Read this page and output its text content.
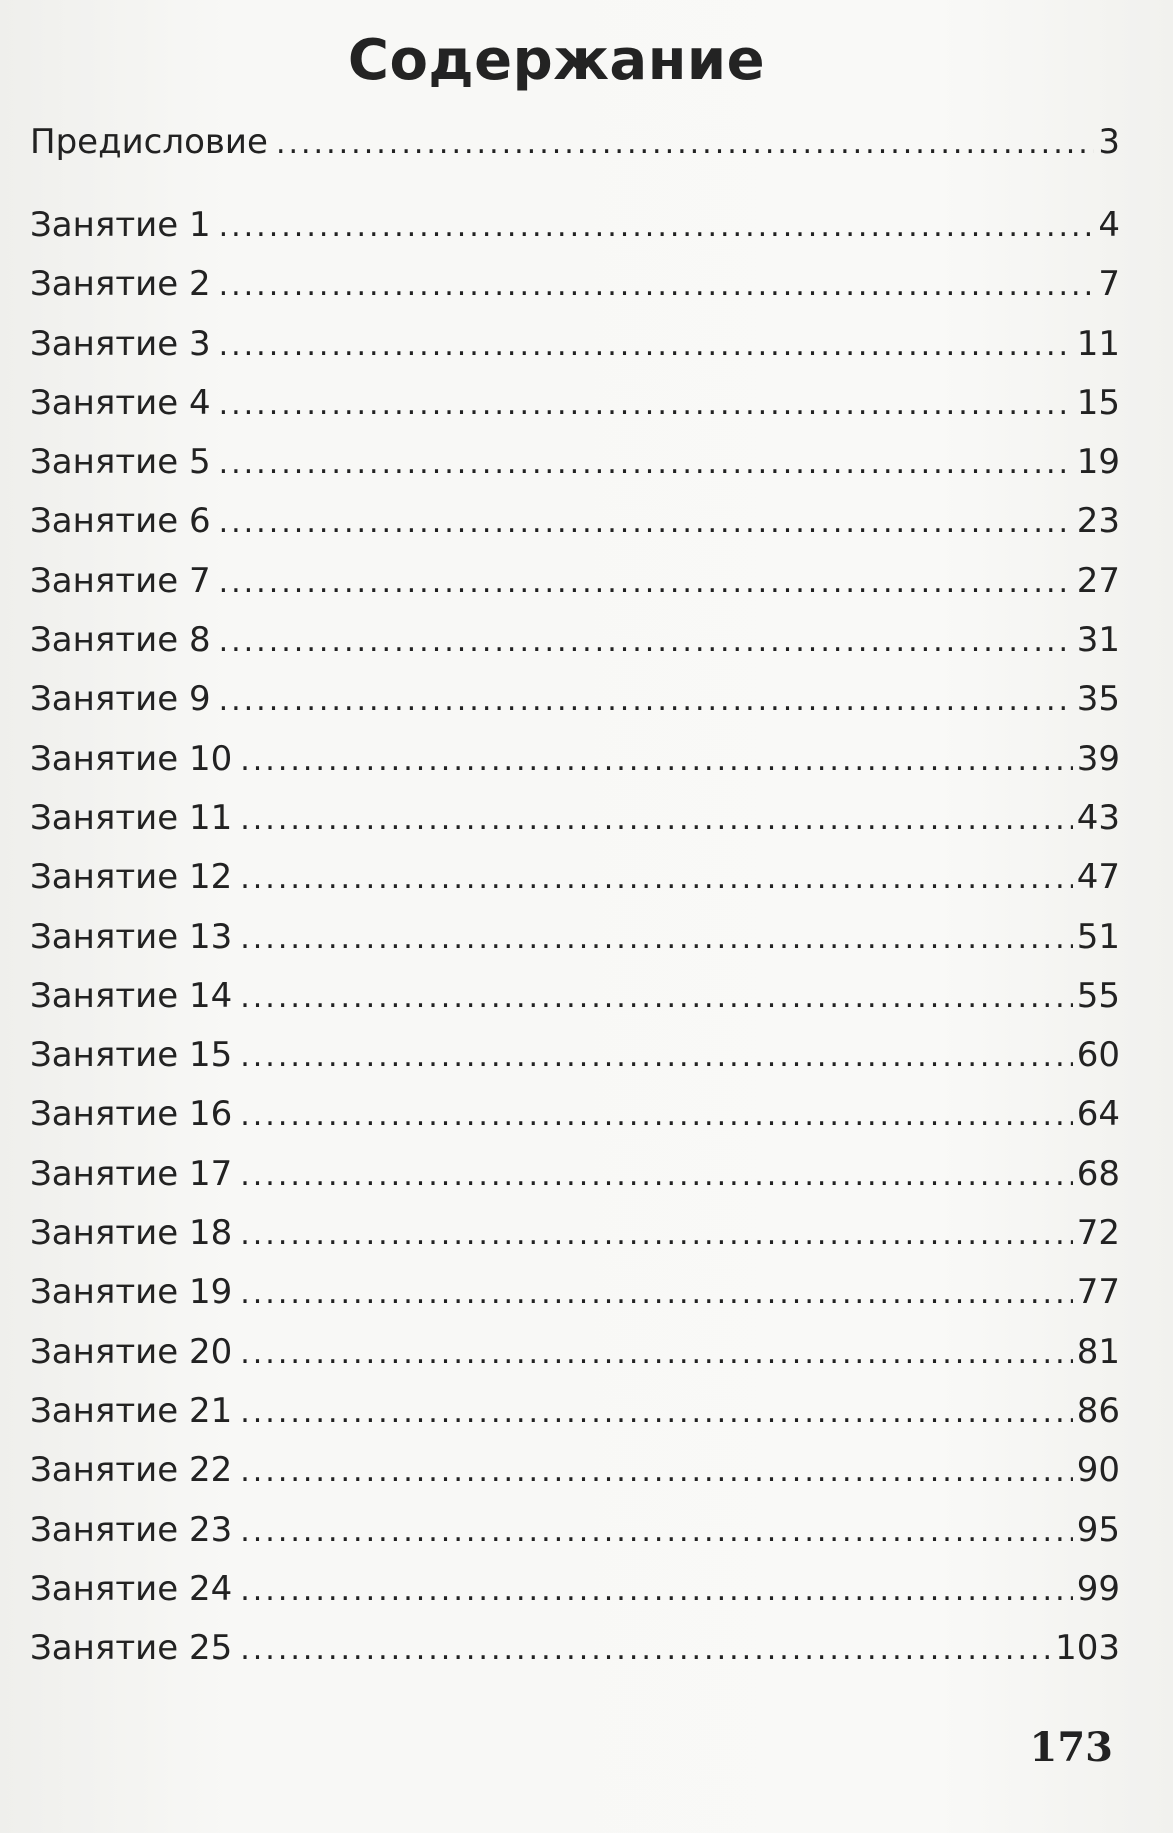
Содержание
Предисловие .....	3
Занятие 1 .....	4
Занятие 2 .....	7
Занятие 3 .....	11
Занятие 4 .....	15
Занятие 5 .....	19
Занятие 6 .....	23
Занятие 7 .....	27
Занятие 8 .....	31
Занятие 9 .....	35
Занятие 10 .....	39
Занятие 11 .....	43
Занятие 12 .....	47
Занятие 13 .....	51
Занятие 14 .....	55
Занятие 15 .....	60
Занятие 16 .....	64
Занятие 17 .....	68
Занятие 18 .....	72
Занятие 19 .....	77
Занятие 20 .....	81
Занятие 21 .....	86
Занятие 22 .....	90
Занятие 23 .....	95
Занятие 24 .....	99
Занятие 25 .....	103
173
